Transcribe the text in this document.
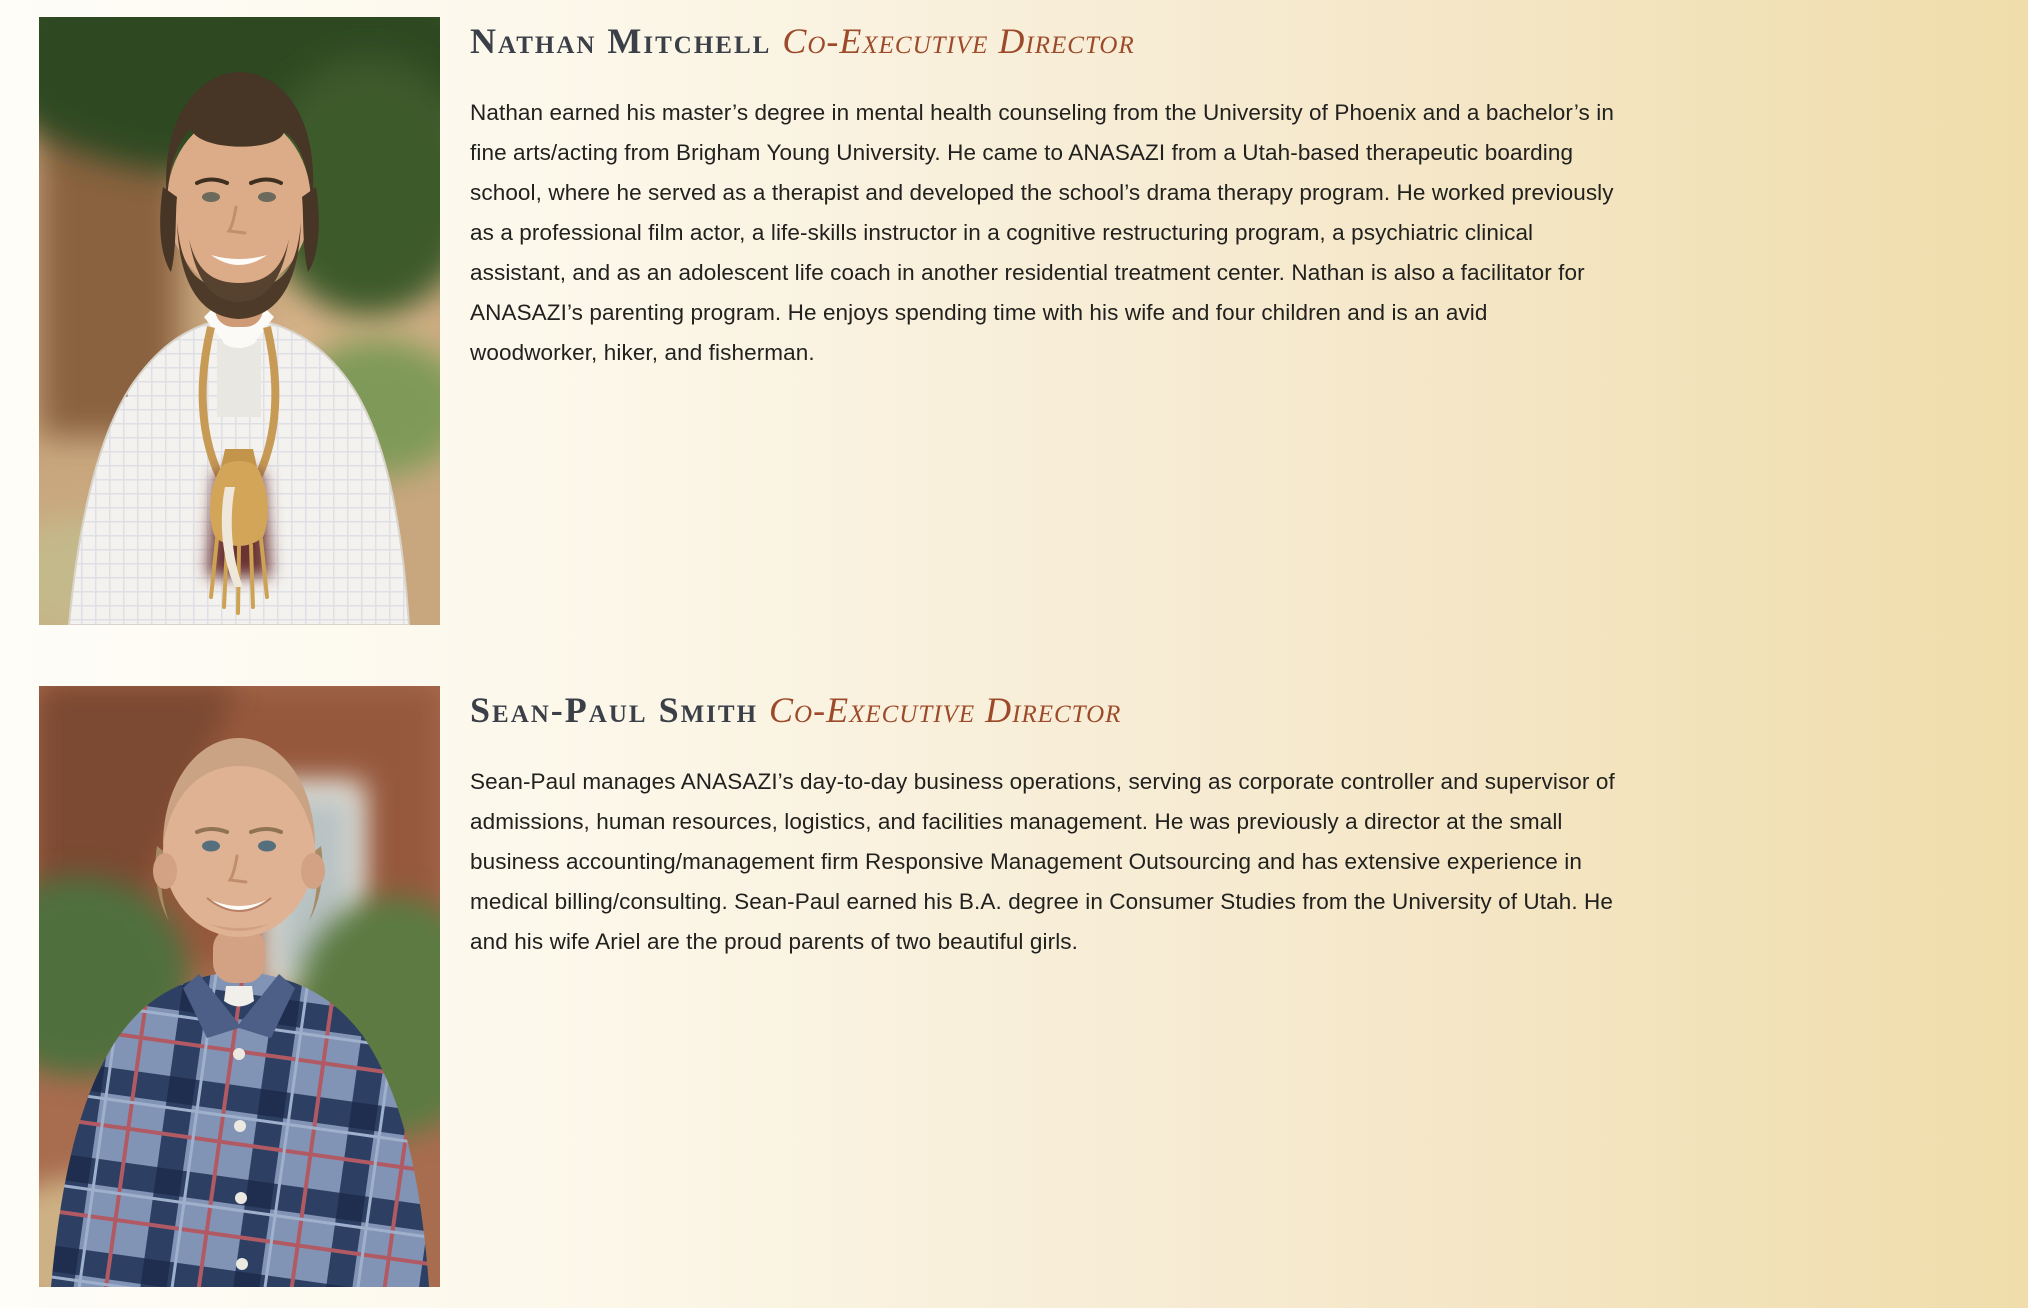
Nathan Mitchell Co-Executive Director

Nathan earned his master’s degree in mental health counseling from the University of Phoenix and a bachelor’s in fine arts/acting from Brigham Young University. He came to ANASAZI from a Utah-based therapeutic boarding school, where he served as a therapist and developed the school’s drama therapy program. He worked previously as a professional film actor, a life-skills instructor in a cognitive restructuring program, a psychiatric clinical assistant, and as an adolescent life coach in another residential treatment center. Nathan is also a facilitator for ANASAZI’s parenting program. He enjoys spending time with his wife and four children and is an avid woodworker, hiker, and fisherman.

Sean-Paul Smith Co-Executive Director

Sean-Paul manages ANASAZI’s day-to-day business operations, serving as corporate controller and supervisor of admissions, human resources, logistics, and facilities management. He was previously a director at the small business accounting/management firm Responsive Management Outsourcing and has extensive experience in medical billing/consulting. Sean-Paul earned his B.A. degree in Consumer Studies from the University of Utah. He and his wife Ariel are the proud parents of two beautiful girls.
